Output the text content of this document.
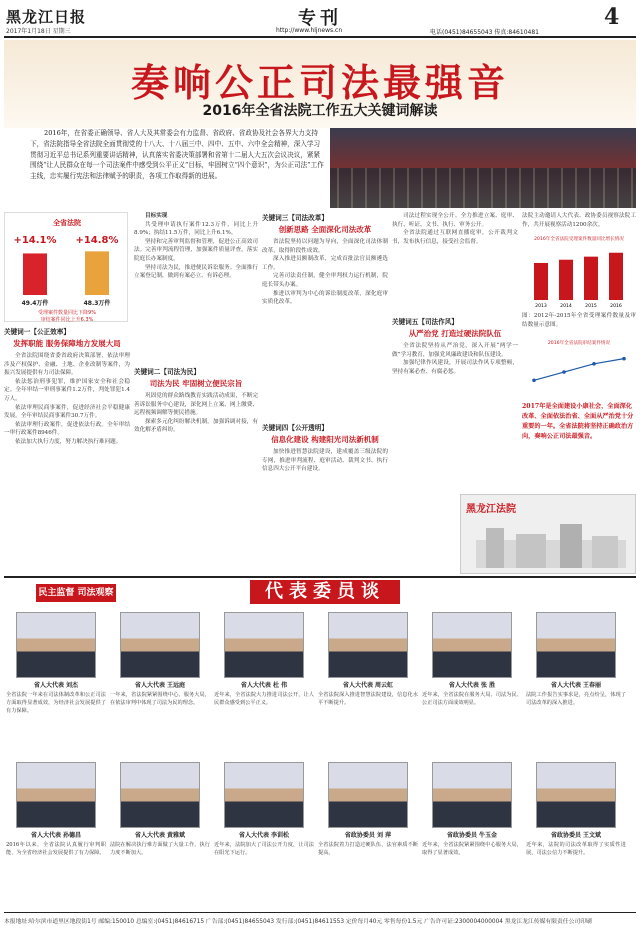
黑龙江日报
2017年1月18日 星期三
专刊
http://www.hljnews.cn	电话(0451)84655043 传真:84610481
4
奏响公正司法最强音
2016年全省法院工作五大关键词解读
2016年，在省委正确领导、省人大及其常委会有力监督、省政府、省政协及社会各界大力支持下，省法院指导全省法院全面贯彻党的十八大、十八届三中、四中、五中、六中全会精神，深入学习贯彻习近平总书记系列重要讲话精神，认真落实省委决策部署和省第十二届人大五次会议决议，紧紧围绕“让人民群众在每一个司法案件中感受到公平正义”目标，牢固树立“四个意识”，为公正司法”工作主线，忠实履行宪法和法律赋予的职责，各项工作取得新的进展。
全省法院
+14.1% +14.8%
49.4万件	48.3万件
受理案件数量同比下降9%
审结案件同比上升6.3%
关键词一【公正效率】
发挥职能 服务保障地方发展大局

全省法院围绕省委省政府决策部署，依法审理涉及产权保护、金融、土地、企业改制等案件，为振兴发展提供有力司法保障。

依法惩治刑事犯罪，维护国家安全和社会稳定。全年审结一审刑事案件1.2万件，判处罪犯1.4万人。

依法审理民商事案件，促进经济社会平稳健康发展。全年审结民商事案件30.7万件。

依法审理行政案件，促进依法行政。全年审结一审行政案件8946件。

依法加大执行力度，努力解决执行难问题。

目标实现

共受理申请执行案件12.3万件，同比上升8.9%；执结11.5万件，同比上升6.1%。

坚持和完善审判监督和管理，促进公正高效司法。完善审判流程管理，加强案件质量评查，落实院庭长办案制度。

坚持司法为民，推进便民诉讼服务。全面推行立案登记制，做到有案必立、有诉必理。

关键词二【司法为民】
司法为民 牢固树立便民宗旨

巩固党的群众路线教育实践活动成果，不断完善诉讼服务中心建设，深化网上立案、网上缴费、远程视频调解等便民措施。

探索多元化纠纷解决机制，加强诉调对接，有效化解矛盾纠纷。

关键词三【司法改革】
创新思路 全面深化司法改革

省法院坚持以问题为导向，全面深化司法体制改革，取得阶段性成效。

深入推进员额制改革，完成首批法官员额遴选工作。

完善司法责任制，健全审判权力运行机制，院庭长带头办案。

推进以审判为中心的诉讼制度改革，深化庭审实质化改革。

关键词四【公开透明】
信息化建设 构建阳光司法新机制

加快推进智慧法院建设，建成覆盖三级法院的专网，推进审判流程、庭审活动、裁判文书、执行信息四大公开平台建设。

司法过程实现全公开。全力推进立案、庭审、执行、听证、文书、执行、审务公开。

全省法院通过互联网直播庭审，公开裁判文书，发布执行信息，接受社会监督。

关键词五【司法作风】
从严治党 打造过硬法院队伍

全省法院坚持从严治党，深入开展“两学一做”学习教育，加强党风廉政建设和队伍建设。

加强纪律作风建设，开展司法作风专项整顿，坚持有案必查、有腐必惩。

法院主动邀请人大代表、政协委员视察法院工作，共开展视察活动1200余次。
2016年全省法院受理案件数量同比增长情况
2013	2014	2015	2016
2016年全省法院审结案件情况
图：2012年-2015年全省受理案件数量及审结数量示意图。
2017年是全面建设小康社会、全面深化改革、全面依法治省、全面从严治党十分重要的一年。全省法院将坚持正确政治方向，奏响公正司法最强音。
黑龙江法院
民主监督 司法观察	代表委员谈
省人大代表 刘杰
全省法院一年来在司法体制改革和公正司法方面取得显著成效，为经济社会发展提供了有力保障。
省人大代表 王远庭
一年来，省法院紧紧围绕中心、服务大局，在依法审判中体现了司法为民的理念。
省人大代表 杜 伟
近年来，全省法院大力推进司法公开，让人民群众感受到公平正义。
省人大代表 周云虹
全省法院深入推进智慧法院建设，信息化水平不断提升。
省人大代表 张 胜
近年来，全省法院在服务大局、司法为民、公正司法方面成效明显。
省人大代表 王春丽
法院工作报告实事求是，亮点纷呈，体现了司法改革的深入推进。
省人大代表 孙德昌
2016年以来，全省法院认真履行审判职能，为全省经济社会发展提供了有力保障。
省人大代表 黄雅斌
法院在解决执行难方面做了大量工作，执行力度不断加大。
省人大代表 李训松
近年来，法院加大了司法公开力度，让司法在阳光下运行。
省政协委员 刘 萍
全省法院着力打造过硬队伍，法官素质不断提高。
省政协委员 牛玉金
近年来，全省法院紧紧围绕中心服务大局，取得了显著成效。
省政协委员 王文斌
近年来，法院的司法改革取得了实质性进展，司法公信力不断提升。
本报地址:哈尔滨市道里区地段街1号 邮编:150010 总编室:(0451)84616715 广告部:(0451)84655043 发行部:(0451)84611553 定价每月40元 零售每份1.5元 广告许可证:2300004000004 黑龙江龙江传媒有限责任公司印刷
